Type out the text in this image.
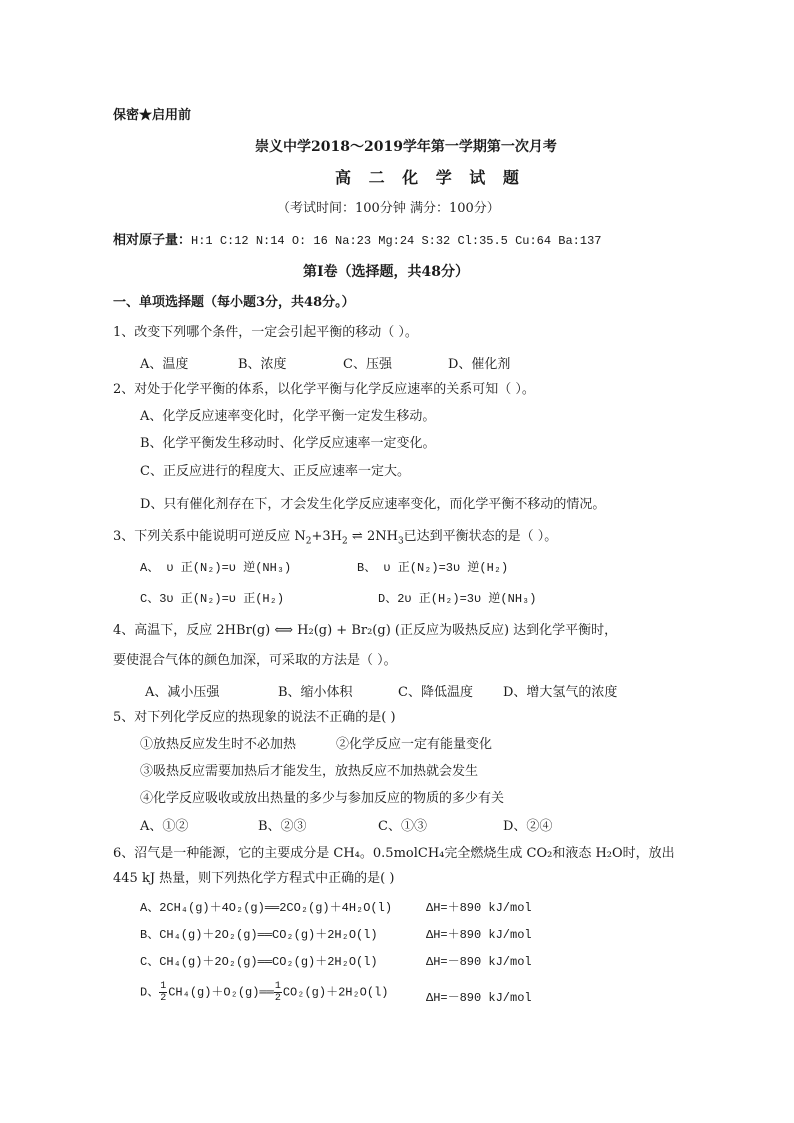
保密★启用前
崇义中学2018～2019学年第一学期第一次月考
高 二 化 学 试 题
（考试时间：100分钟 满分：100分）
相对原子量：H:1 C:12 N:14 O: 16 Na:23 Mg:24 S:32 Cl:35.5 Cu:64 Ba:137
第Ⅰ卷（选择题，共48分）
一、单项选择题（每小题3分，共48分。）
1、改变下列哪个条件，一定会引起平衡的移动（ ）。
A、温度	B、浓度	C、压强	D、催化剂
2、对处于化学平衡的体系，以化学平衡与化学反应速率的关系可知（ ）。
A、化学反应速率变化时，化学平衡一定发生移动。
B、化学平衡发生移动时、化学反应速率一定变化。
C、正反应进行的程度大、正反应速率一定大。
D、只有催化剂存在下，才会发生化学反应速率变化，而化学平衡不移动的情况。
3、下列关系中能说明可逆反应 $N_2+3H_2$ ⇌ $2NH_3$已达到平衡状态的是（ ）。
A、 υ 正(N₂)=υ 逆(NH₃)	B、 υ 正(N₂)=3υ 逆(H₂)
C、3υ 正(N₂)=υ 正(H₂)	D、2υ 正(H₂)=3υ 逆(NH₃)
4、高温下，反应 2HBr(g) ⟺ H₂(g) + Br₂(g) (正反应为吸热反应) 达到化学平衡时，
要使混合气体的颜色加深，可采取的方法是（ ）。
A、减小压强	B、缩小体积	C、降低温度 D、增大氢气的浓度
5、对下列化学反应的热现象的说法不正确的是( )
①放热反应发生时不必加热	②化学反应一定有能量变化
③吸热反应需要加热后才能发生，放热反应不加热就会发生
④化学反应吸收或放出热量的多少与参加反应的物质的多少有关
A、①②	B、②③	C、①③	D、②④
6、沼气是一种能源，它的主要成分是 CH₄。0.5molCH₄完全燃烧生成 CO₂和液态 H₂O时，放出
445 kJ 热量，则下列热化学方程式中正确的是( )
A、2CH₄(g)＋4O₂(g)══2CO₂(g)＋4H₂O(l)	ΔH=＋890 kJ/mol
B、CH₄(g)＋2O₂(g)══CO₂(g)＋2H₂O(l)	ΔH=＋890 kJ/mol
C、CH₄(g)＋2O₂(g)══CO₂(g)＋2H₂O(l)	ΔH=－890 kJ/mol
D、 $\frac{1}{2}$ CH₄(g)＋O₂(g)══ $\frac{1}{2} CO_2(g)+2H_2O(l)$	ΔH=－890 kJ/mol
